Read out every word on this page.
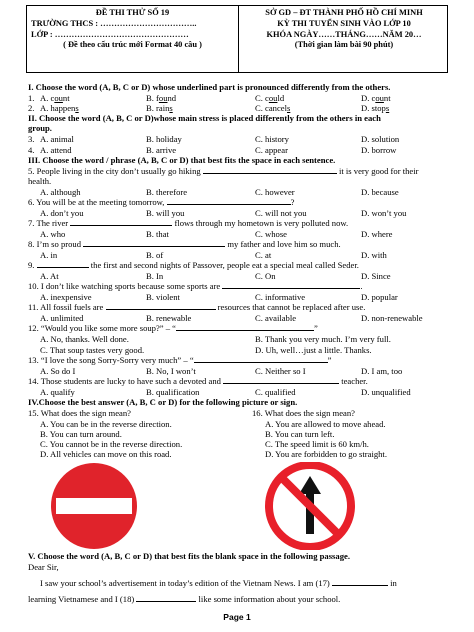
ĐỀ THI THỬ SỐ 19
TRƯỜNG THCS : ……………………………..
LỚP : …………………………………………
( Đề theo cấu trúc mới Format 40 câu )
SỞ GD – ĐT THÀNH PHỐ HỒ CHÍ MINH
KỲ THI TUYỂN SINH VÀO LỚP 10
KHÓA NGÀY……THÁNG……NĂM 20…
(Thời gian làm bài 90 phút)
I. Choose the word (A, B, C or D) whose underlined part is pronounced differently from the others.
1. A. count	B. found	C. could	D. count
2. A. happens	B. rains	C. cancels	D. stops
II. Choose the word (A, B, C or D)whose main stress is placed differently from the others in each
group.
3. A. animal	B. holiday	C. history	D. solution
4. A. attend	B. arrive	C. appear	D. borrow
III. Choose the word / phrase (A, B, C or D) that best fits the space in each sentence.
5. People living in the city don’t usually go hiking	it is very good for their
health.
A. although	B. therefore	C. however	D. because
6. You will be at the meeting tomorrow,	?
A. don’t you	B. will you	C. will not you	D. won’t you
7. The river	flows through my hometown is very polluted now.
A. who	B. that	C. whose	D. where
8. I’m so proud	my father and love him so much.
A. in	B. of	C. at	D. with
9.	the first and second nights of Passover, people eat a special meal called Seder.
A. At	B. In	C. On	D. Since
10. I don’t like watching sports because some sports are	.
A. inexpensive	B. violent	C. informative	D. popular
11. All fossil fuels are	resources that cannot be replaced after use.
A. unlimited	B. renewable	C. available	D. non-renewable
12. “Would you like some more soup?” – “	”
A. No, thanks. Well done.	B. Thank you very much. I’m very full.
C. That soup tastes very good.	D. Uh, well…just a little. Thanks.
13. “I love the song Sorry-Sorry very much” – “	”
A. So do I	B. No, I won’t	C. Neither so I	D. I am, too
14. Those students are lucky to have such a devoted and	teacher.
A. qualify	B. qualification	C. qualified	D. unqualified
IV.Choose the best answer (A, B, C or D) for the following picture or sign.
15. What does the sign mean?
A. You can be in the reverse direction.
B. You can turn around.
C. You cannot be in the reverse direction.
D. All vehicles can move on this road.
16. What does the sign mean?
A. You are allowed to move ahead.
B. You can turn left.
C. The speed limit is 60 km/h.
D. You are forbidden to go straight.
V. Choose the word (A, B, C or D) that best fits the blank space in the following passage.
Dear Sir,
I saw your school’s advertisement in today’s edition of the Vietnam News. I am (17)	in
learning Vietnamese and I (18)	like some information about your school.
Page 1
